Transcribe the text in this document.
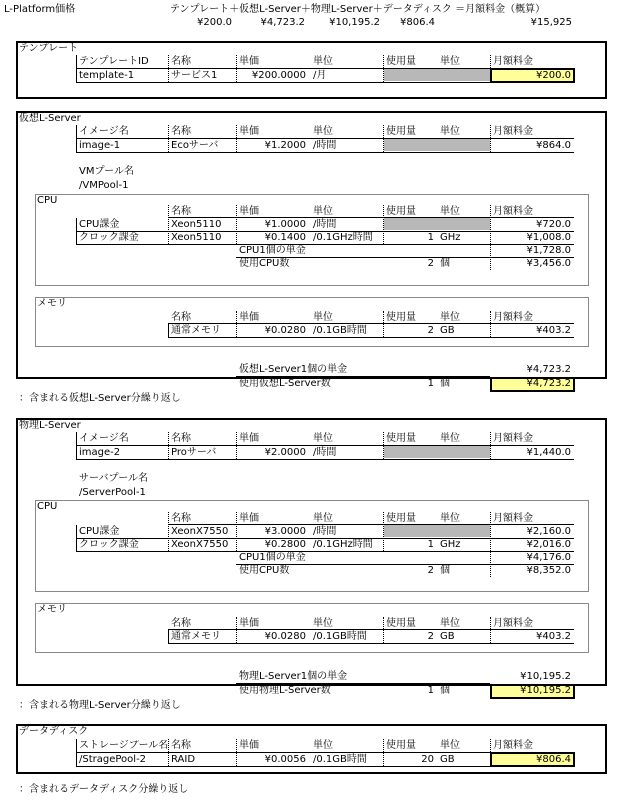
L-Platform価格	テンプレート＋仮想L-Server＋物理L-Server＋データディスク ＝月額料金（概算）
¥200.0	¥4,723.2	¥10,195.2	¥806.4	¥15,925
テンプレート
テンプレートID 名称	単価	単位	使用量 単位	月額料金
template-1	サービス1	¥200.0000 /月	¥200.0
仮想L-Server
イメージ名	名称	単価	単位	使用量 単位	月額料金
image-1	Ecoサーバ	¥1.2000 /時間	¥864.0
VMプール名
/VMPool-1
CPU
名称	単価	単位	使用量 単位	月額料金
CPU課金	Xeon5110	¥1.0000 /時間	¥720.0
クロック課金	Xeon5110	¥0.1400 /0.1GHz時間	1 GHz	¥1,008.0
CPU1個の単金	¥1,728.0
使用CPU数	2 個	¥3,456.0
メモリ
名称	単価	単位	使用量 単位	月額料金
通常メモリ	¥0.0280 /0.1GB時間	2 GB	¥403.2
仮想L-Server1個の単金	¥4,723.2
使用仮想L-Server数	1 個	¥4,723.2
：含まれる仮想L-Server分繰り返し
物理L-Server
イメージ名	名称	単価	単位	使用量 単位	月額料金
image-2	Proサーバ	¥2.0000 /時間	¥1,440.0
サーバプール名
/ServerPool-1
CPU
名称	単価	単位	使用量 単位	月額料金
CPU課金	XeonX7550	¥3.0000 /時間	¥2,160.0
クロック課金	XeonX7550	¥0.2800 /0.1GHz時間	1 GHz	¥2,016.0
CPU1個の単金	¥4,176.0
使用CPU数	2 個	¥8,352.0
メモリ
名称	単価	単位	使用量 単位	月額料金
通常メモリ	¥0.0280 /0.1GB時間	2 GB	¥403.2
物理L-Server1個の単金	¥10,195.2
使用物理L-Server数	1 個	¥10,195.2
：含まれる物理L-Server分繰り返し
データディスク
ストレージプール名 名称	単価	単位	使用量 単位	月額料金
/StragePool-2 RAID	¥0.0056 /0.1GB時間	20 GB	¥806.4
：含まれるデータディスク分繰り返し
